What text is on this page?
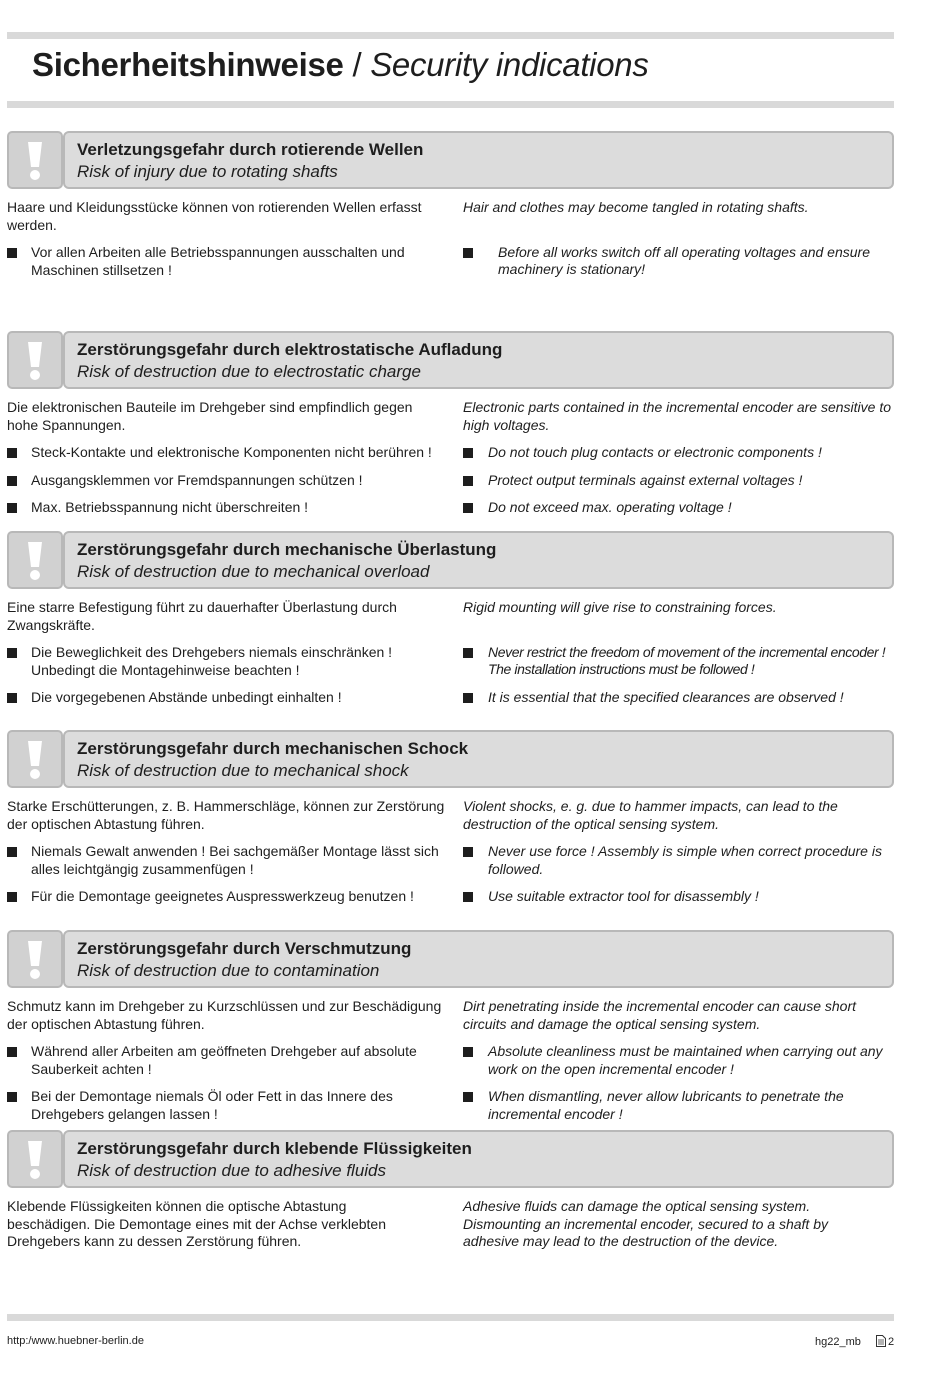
Sicherheitshinweise / Security indications
Verletzungsgefahr durch rotierende Wellen
Risk of injury due to rotating shafts

Haare und Kleidungsstücke können von rotierenden Wellen erfasst werden.

Vor allen Arbeiten alle Betriebsspannungen ausschalten und Maschinen stillsetzen !

Hair and clothes may become tangled in rotating shafts.

Before all works switch off all operating voltages and ensure machinery is stationary!
Zerstörungsgefahr durch elektrostatische Aufladung
Risk of destruction due to electrostatic charge

Die elektronischen Bauteile im Drehgeber sind empfindlich gegen hohe Spannungen.

Steck-Kontakte und elektronische Komponenten nicht berühren !
Ausgangsklemmen vor Fremdspannungen schützen !
Max. Betriebsspannung nicht überschreiten !

Electronic parts contained in the incremental encoder are sensitive to high voltages.

Do not touch plug contacts or electronic components !
Protect output terminals against external voltages !
Do not exceed max. operating voltage !
Zerstörungsgefahr durch mechanische Überlastung
Risk of destruction due to mechanical overload

Eine starre Befestigung führt zu dauerhafter Überlastung durch Zwangskräfte.

Die Beweglichkeit des Drehgebers niemals einschränken ! Unbedingt die Montagehinweise beachten !
Die vorgegebenen Abstände unbedingt einhalten !

Rigid mounting will give rise to constraining forces.

Never restrict the freedom of movement of the incremental encoder ! The installation instructions must be followed !
It is essential that the specified clearances are observed !
Zerstörungsgefahr durch mechanischen Schock
Risk of destruction due to mechanical shock

Starke Erschütterungen, z. B. Hammerschläge, können zur Zerstörung der optischen Abtastung führen.

Niemals Gewalt anwenden ! Bei sachgemäßer Montage lässt sich alles leichtgängig zusammenfügen !
Für die Demontage geeignetes Auspresswerkzeug benutzen !

Violent shocks, e. g. due to hammer impacts, can lead to the destruction of the optical sensing system.

Never use force ! Assembly is simple when correct procedure is followed.
Use suitable extractor tool for disassembly !
Zerstörungsgefahr durch Verschmutzung
Risk of destruction due to contamination

Schmutz kann im Drehgeber zu Kurzschlüssen und zur Beschädigung der optischen Abtastung führen.

Während aller Arbeiten am geöffneten Drehgeber auf absolute Sauberkeit achten !
Bei der Demontage niemals Öl oder Fett in das Innere des Drehgebers gelangen lassen !

Dirt penetrating inside the incremental encoder can cause short circuits and damage the optical sensing system.

Absolute cleanliness must be maintained when carrying out any work on the open incremental encoder !
When dismantling, never allow lubricants to penetrate the incremental encoder !
Zerstörungsgefahr durch klebende Flüssigkeiten
Risk of destruction due to adhesive fluids

Klebende Flüssigkeiten können die optische Abtastung beschädigen. Die Demontage eines mit der Achse verklebten Drehgebers kann zu dessen Zerstörung führen.

Adhesive fluids can damage the optical sensing system. Dismounting an incremental encoder, secured to a shaft by adhesive may lead to the destruction of the device.

http:/www.huebner-berlin.de	hg22_mb 2
